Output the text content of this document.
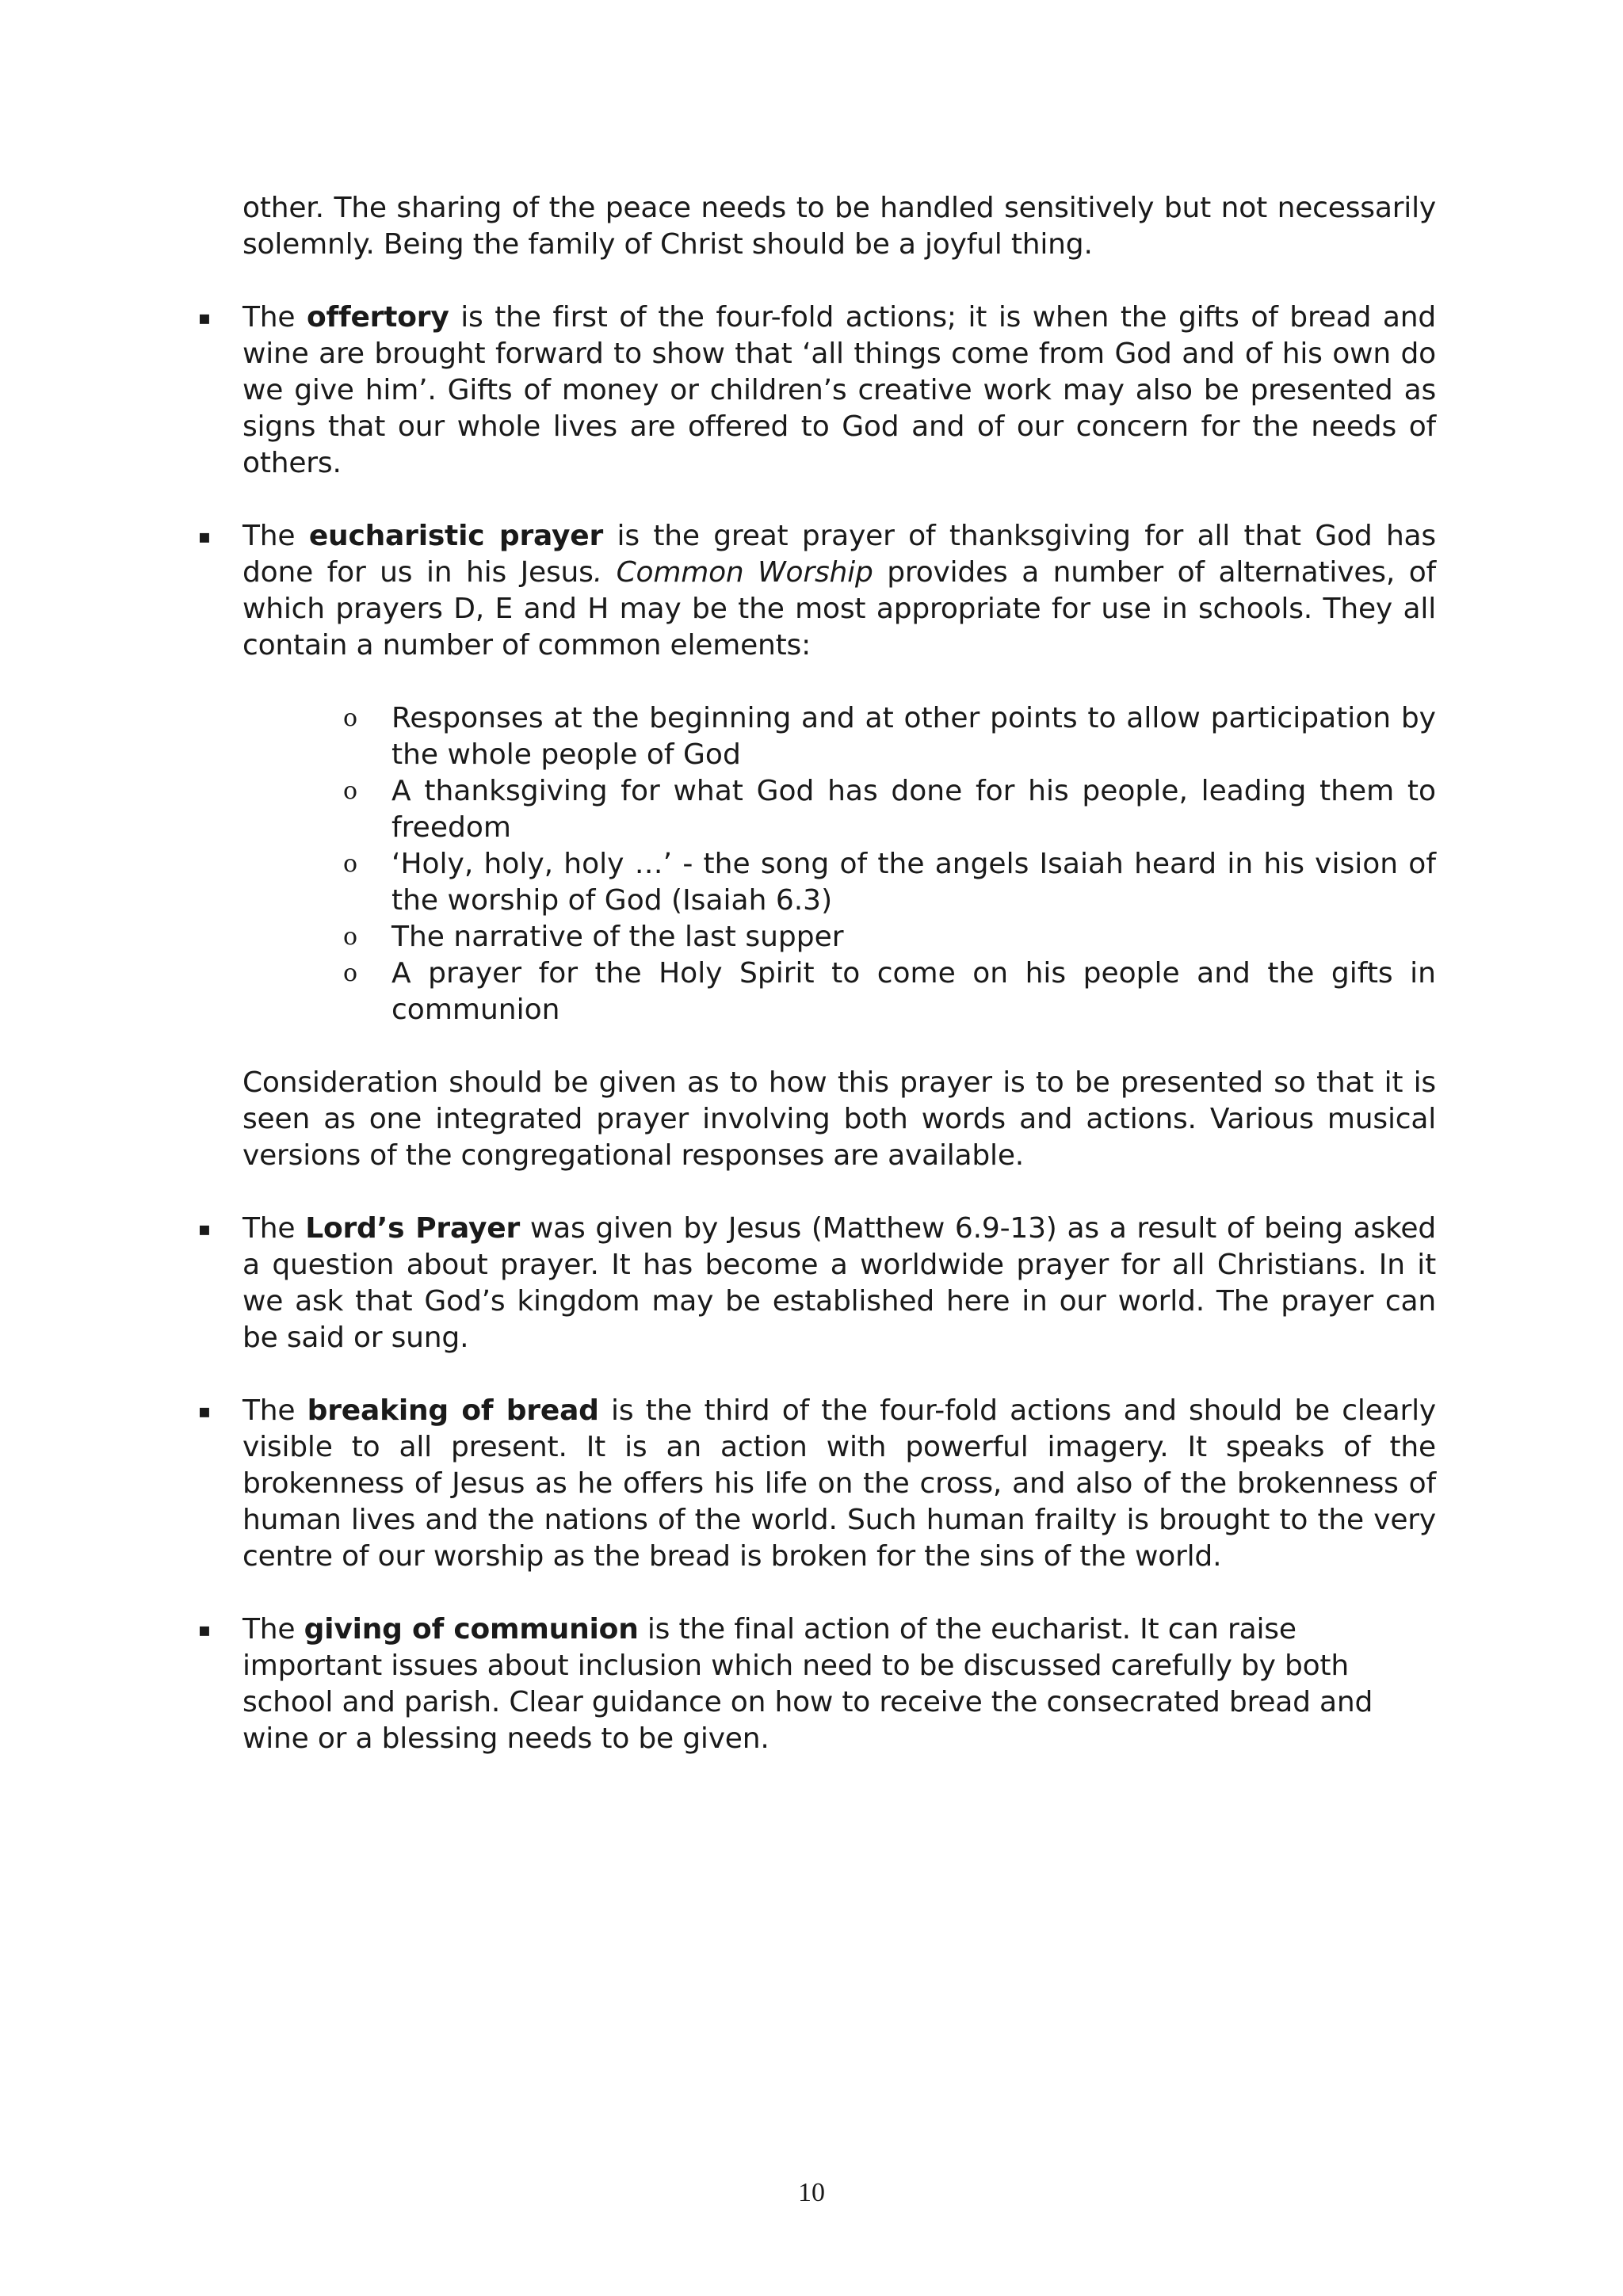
other. The sharing of the peace needs to be handled sensitively but not necessarily solemnly. Being the family of Christ should be a joyful thing.

▪ The offertory is the first of the four-fold actions; it is when the gifts of bread and wine are brought forward to show that ‘all things come from God and of his own do we give him’. Gifts of money or children’s creative work may also be presented as signs that our whole lives are offered to God and of our concern for the needs of others.

▪ The eucharistic prayer is the great prayer of thanksgiving for all that God has done for us in his Jesus. Common Worship provides a number of alternatives, of which prayers D, E and H may be the most appropriate for use in schools. They all contain a number of common elements:

o Responses at the beginning and at other points to allow participation by the whole people of God
o A thanksgiving for what God has done for his people, leading them to freedom
o ‘Holy, holy, holy …’ - the song of the angels Isaiah heard in his vision of the worship of God (Isaiah 6.3)
o The narrative of the last supper
o A prayer for the Holy Spirit to come on his people and the gifts in communion

Consideration should be given as to how this prayer is to be presented so that it is seen as one integrated prayer involving both words and actions. Various musical versions of the congregational responses are available.

▪ The Lord’s Prayer was given by Jesus (Matthew 6.9-13) as a result of being asked a question about prayer. It has become a worldwide prayer for all Christians. In it we ask that God’s kingdom may be established here in our world. The prayer can be said or sung.

▪ The breaking of bread is the third of the four-fold actions and should be clearly visible to all present. It is an action with powerful imagery. It speaks of the brokenness of Jesus as he offers his life on the cross, and also of the brokenness of human lives and the nations of the world. Such human frailty is brought to the very centre of our worship as the bread is broken for the sins of the world.

▪ The giving of communion is the final action of the eucharist. It can raise important issues about inclusion which need to be discussed carefully by both school and parish. Clear guidance on how to receive the consecrated bread and wine or a blessing needs to be given.

10
